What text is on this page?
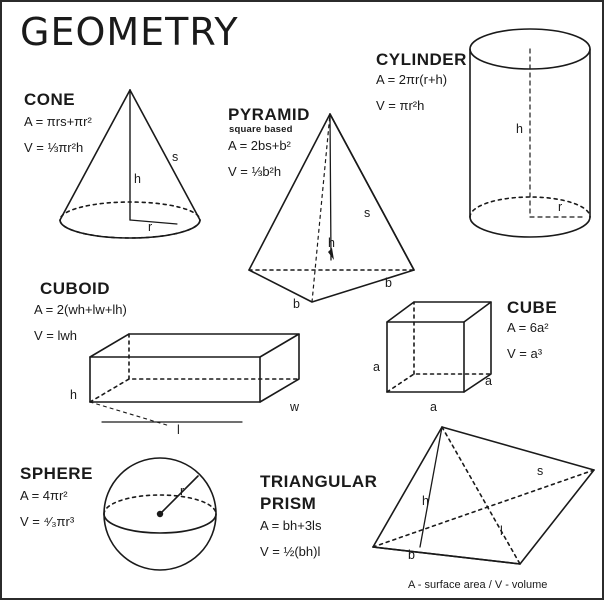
GEOMETRY
CONE
A = πrs+πr²
V = ⅓πr²h
s
h
r
PYRAMID
square based
A = 2bs+b²
V = ⅓b²h
s
h
b
b
CYLINDER
A = 2πr(r+h)
V = πr²h
h
r
CUBOID
A = 2(wh+lw+lh)
V = lwh
h
w
l
CUBE
A = 6a²
V = a³
a
a
a
SPHERE
A = 4πr²
V = ⁴⁄₃πr³
r	TRIANGULAR
PRISM
A = bh+3ls
V = ½(bh)l
s
h
b
l
A - surface area / V - volume
